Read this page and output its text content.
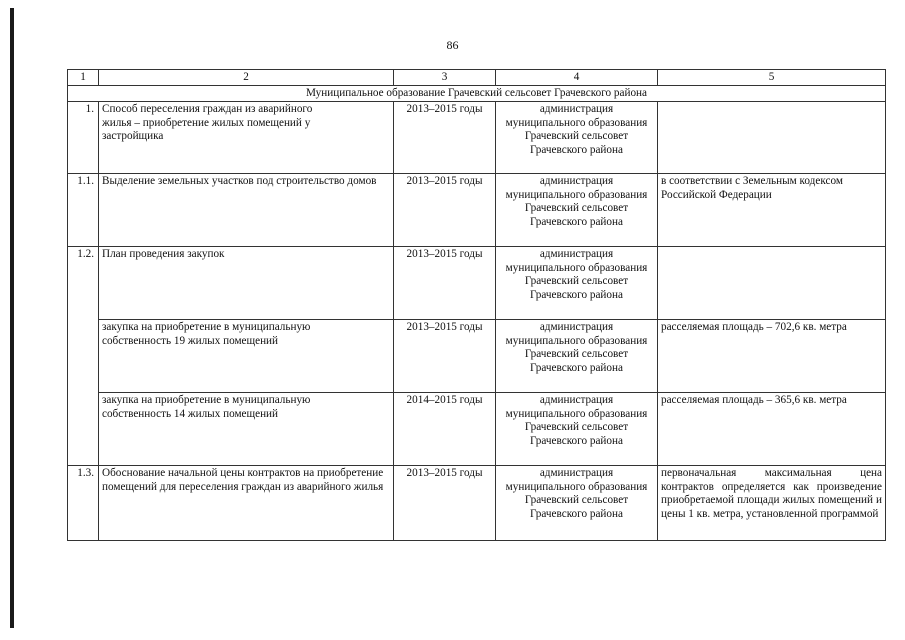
86
1	2	3	4	5
Муниципальное образование Грачевский сельсовет Грачевского района				
1.	Способ переселения граждан из аварийного жилья – приобретение жилых помещений у застройщика	2013–2015 годы	администрация муниципального образования Грачевский сельсовет Грачевского района	
1.1.	Выделение земельных участков под строительство домов	2013–2015 годы	администрация муниципального образования Грачевский сельсовет Грачевского района	в соответствии с Земельным кодексом Российской Федерации
1.2.	План проведения закупок	2013–2015 годы	администрация муниципального образования Грачевский сельсовет Грачевского района	
	закупка на приобретение в муниципальную собственность 19 жилых помещений	2013–2015 годы	администрация муниципального образования Грачевский сельсовет Грачевского района	расселяемая площадь – 702,6 кв. метра
	закупка на приобретение в муниципальную собственность 14 жилых помещений	2014–2015 годы	администрация муниципального образования Грачевский сельсовет Грачевского района	расселяемая площадь – 365,6 кв. метра
1.3.	Обоснование начальной цены контрактов на приобретение помещений для переселения граждан из аварийного жилья	2013–2015 годы	администрация муниципального образования Грачевский сельсовет Грачевского района	первоначальная максимальная цена контрактов определяется как произведение приобретаемой площади жилых помещений и цены 1 кв. метра, установленной программой
